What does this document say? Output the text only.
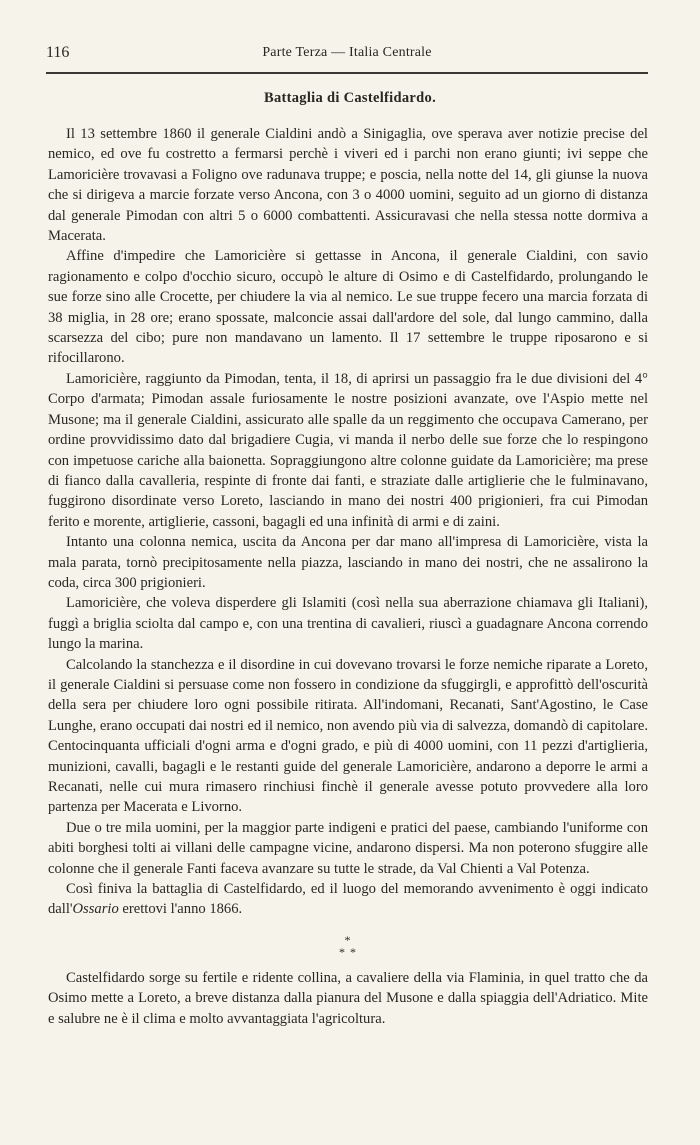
116	Parte Terza — Italia Centrale
Battaglia di Castelfidardo.

Il 13 settembre 1860 il generale Cialdini andò a Sinigaglia, ove sperava aver notizie precise del nemico, ed ove fu costretto a fermarsi perchè i viveri ed i parchi non erano giunti; ivi seppe che Lamoricière trovavasi a Foligno ove radunava truppe; e poscia, nella notte del 14, gli giunse la nuova che si dirigeva a marcie forzate verso Ancona, con 3 o 4000 uomini, seguito ad un giorno di distanza dal generale Pimodan con altri 5 o 6000 combattenti. Assicuravasi che nella stessa notte dormiva a Macerata.

Affine d'impedire che Lamoricière si gettasse in Ancona, il generale Cialdini, con savio ragionamento e colpo d'occhio sicuro, occupò le alture di Osimo e di Castelfidardo, prolungando le sue forze sino alle Crocette, per chiudere la via al nemico. Le sue truppe fecero una marcia forzata di 38 miglia, in 28 ore; erano spossate, malconcie assai dall'ardore del sole, dal lungo cammino, dalla scarsezza del cibo; pure non mandavano un lamento. Il 17 settembre le truppe riposarono e si rifocillarono.

Lamoricière, raggiunto da Pimodan, tenta, il 18, di aprirsi un passaggio fra le due divisioni del 4° Corpo d'armata; Pimodan assale furiosamente le nostre posizioni avanzate, ove l'Aspio mette nel Musone; ma il generale Cialdini, assicurato alle spalle da un reggimento che occupava Camerano, per ordine provvidissimo dato dal brigadiere Cugia, vi manda il nerbo delle sue forze che lo respingono con impetuose cariche alla baionetta. Sopraggiungono altre colonne guidate da Lamoricière; ma prese di fianco dalla cavalleria, respinte di fronte dai fanti, e straziate dalle artiglierie che le fulminavano, fuggirono disordinate verso Loreto, lasciando in mano dei nostri 400 prigionieri, fra cui Pimodan ferito e morente, artiglierie, cassoni, bagagli ed una infinità di armi e di zaini.

Intanto una colonna nemica, uscita da Ancona per dar mano all'impresa di Lamoricière, vista la mala parata, tornò precipitosamente nella piazza, lasciando in mano dei nostri, che ne assalirono la coda, circa 300 prigionieri.

Lamoricière, che voleva disperdere gli Islamiti (così nella sua aberrazione chiamava gli Italiani), fuggì a briglia sciolta dal campo e, con una trentina di cavalieri, riuscì a guadagnare Ancona correndo lungo la marina.

Calcolando la stanchezza e il disordine in cui dovevano trovarsi le forze nemiche riparate a Loreto, il generale Cialdini si persuase come non fossero in condizione da sfuggirgli, e approfittò dell'oscurità della sera per chiudere loro ogni possibile ritirata. All'indomani, Recanati, Sant'Agostino, le Case Lunghe, erano occupati dai nostri ed il nemico, non avendo più via di salvezza, domandò di capitolare. Centocinquanta ufficiali d'ogni arma e d'ogni grado, e più di 4000 uomini, con 11 pezzi d'artiglieria, munizioni, cavalli, bagagli e le restanti guide del generale Lamoricière, andarono a deporre le armi a Recanati, nelle cui mura rimasero rinchiusi finchè il generale avesse potuto provvedere alla loro partenza per Macerata e Livorno.

Due o tre mila uomini, per la maggior parte indigeni e pratici del paese, cambiando l'uniforme con abiti borghesi tolti ai villani delle campagne vicine, andarono dispersi. Ma non poterono sfuggire alle colonne che il generale Fanti faceva avanzare su tutte le strade, da Val Chienti a Val Potenza.

Così finiva la battaglia di Castelfidardo, ed il luogo del memorando avvenimento è oggi indicato dall'Ossario erettovi l'anno 1866.

*
* *

Castelfidardo sorge su fertile e ridente collina, a cavaliere della via Flaminia, in quel tratto che da Osimo mette a Loreto, a breve distanza dalla pianura del Musone e dalla spiaggia dell'Adriatico. Mite e salubre ne è il clima e molto avvantaggiata l'agricoltura.
